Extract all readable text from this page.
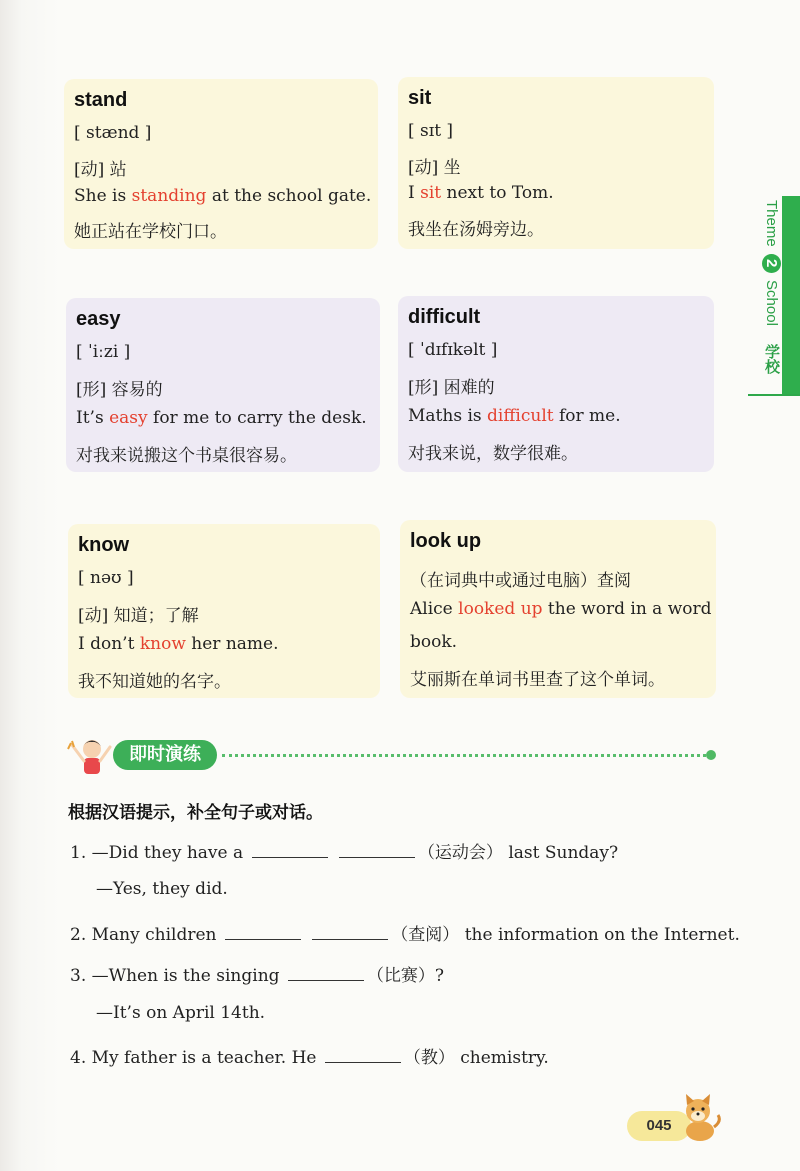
stand
[ stænd ]
[动] 站
She is standing at the school gate.
她正站在学校门口。
sit
[ sɪt ]
[动] 坐
I sit next to Tom.
我坐在汤姆旁边。
easy
[ ˈiːzi ]
[形] 容易的
It’s easy for me to carry the desk.
对我来说搬这个书桌很容易。
difficult
[ ˈdɪfɪkəlt ]
[形] 困难的
Maths is difficult for me.
对我来说，数学很难。
know
[ nəʊ ]
[动] 知道；了解
I don’t know her name.
我不知道她的名字。
look up
（在词典中或通过电脑）查阅
Alice looked up the word in a word
book.
艾丽斯在单词书里查了这个单词。
Theme 2 School 学校
即时演练
根据汉语提示，补全句子或对话。
1. —Did they have a	（运动会） last Sunday?
—Yes, they did.
2. Many children	（查阅） the information on the Internet.
3. —When is the singing	（比赛）?
—It’s on April 14th.
4. My father is a teacher. He	（教） chemistry.
045
